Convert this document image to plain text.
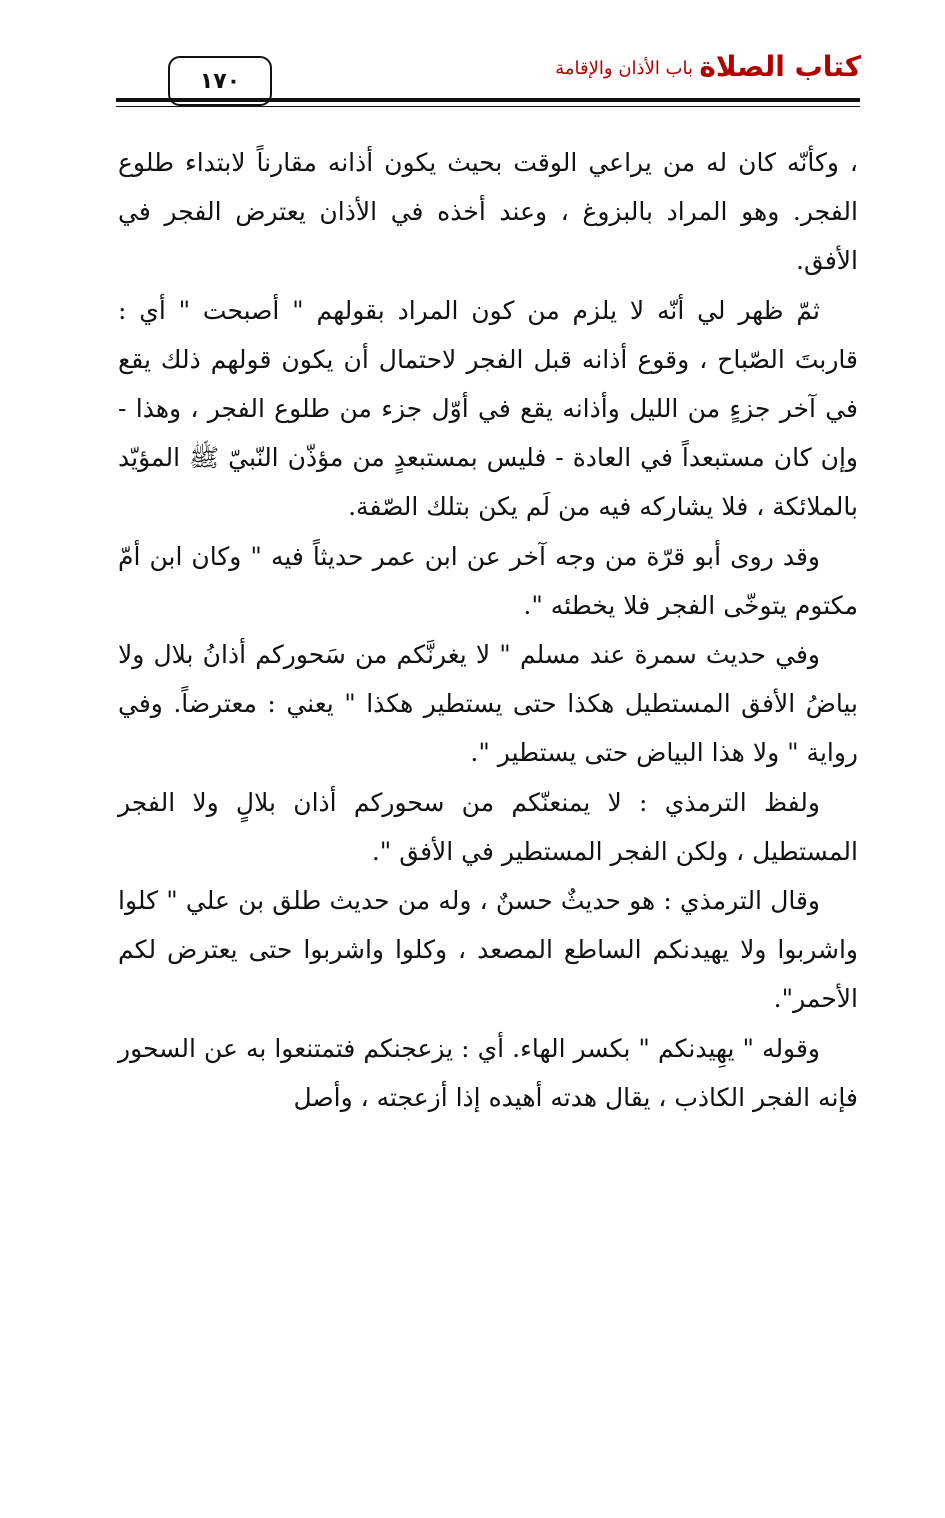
كتاب الصلاة
باب الأذان والإقامة
١٧٠

، وكأنّه كان له من يراعي الوقت بحيث يكون أذانه مقارناً لابتداء طلوع الفجر. وهو المراد بالبزوغ ، وعند أخذه في الأذان يعترض الفجر في الأفق.

ثمّ ظهر لي أنّه لا يلزم من كون المراد بقولهم " أصبحت " أي : قاربتَ الصّباح ، وقوع أذانه قبل الفجر لاحتمال أن يكون قولهم ذلك يقع في آخر جزءٍ من الليل وأذانه يقع في أوّل جزء من طلوع الفجر ، وهذا - وإن كان مستبعداً في العادة - فليس بمستبعدٍ من مؤذّن النّبيّ ﷺ المؤيّد بالملائكة ، فلا يشاركه فيه من لَم يكن بتلك الصّفة.

وقد روى أبو قرّة من وجه آخر عن ابن عمر حديثاً فيه " وكان ابن أمّ مكتوم يتوخّى الفجر فلا يخطئه ".

وفي حديث سمرة عند مسلم " لا يغرنَّكم من سَحوركم أذانُ بلال ولا بياضُ الأفق المستطيل هكذا حتى يستطير هكذا " يعني : معترضاً. وفي رواية " ولا هذا البياض حتى يستطير ".

ولفظ الترمذي : لا يمنعنّكم من سحوركم أذان بلالٍ ولا الفجر المستطيل ، ولكن الفجر المستطير في الأفق ".

وقال الترمذي : هو حديثٌ حسنٌ ، وله من حديث طلق بن علي " كلوا واشربوا ولا يهيدنكم الساطع المصعد ، وكلوا واشربوا حتى يعترض لكم الأحمر".

وقوله " يهِيدنكم " بكسر الهاء. أي : يزعجنكم فتمتنعوا به عن السحور فإنه الفجر الكاذب ، يقال هدته أهيده إذا أزعجته ، وأصل
